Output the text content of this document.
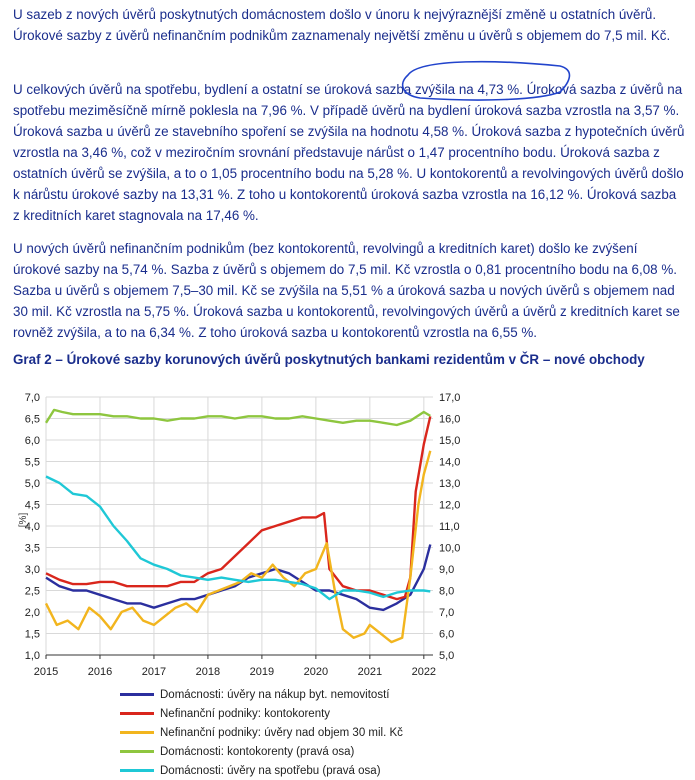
U sazeb z nových úvěrů poskytnutých domácnostem došlo v únoru k nejvýraznější změně u ostatních úvěrů. Úrokové sazby z úvěrů nefinančním podnikům zaznamenaly největší změnu u úvěrů s objemem do 7,5 mil. Kč.

U celkových úvěrů na spotřebu, bydlení a ostatní se úroková sazba zvýšila na 4,73 %. Úroková sazba z úvěrů na spotřebu meziměsíčně mírně poklesla na 7,96 %. V případě úvěrů na bydlení úroková sazba vzrostla na 3,57 %. Úroková sazba u úvěrů ze stavebního spoření se zvýšila na hodnotu 4,58 %. Úroková sazba z hypotečních úvěrů vzrostla na 3,46 %, což v meziročním srovnání představuje nárůst o 1,47 procentního bodu. Úroková sazba z ostatních úvěrů se zvýšila, a to o 1,05 procentního bodu na 5,28 %. U kontokorentů a revolvingových úvěrů došlo k nárůstu úrokové sazby na 13,31 %. Z toho u kontokorentů úroková sazba vzrostla na 16,12 %. Úroková sazba z kreditních karet stagnovala na 17,46 %.

U nových úvěrů nefinančním podnikům (bez kontokorentů, revolvingů a kreditních karet) došlo ke zvýšení úrokové sazby na 5,74 %. Sazba z úvěrů s objemem do 7,5 mil. Kč vzrostla o 0,81 procentního bodu na 6,08 %. Sazba u úvěrů s objemem 7,5–30 mil. Kč se zvýšila na 5,51 % a úroková sazba u nových úvěrů s objemem nad 30 mil. Kč vzrostla na 5,75 %. Úroková sazba u kontokorentů, revolvingových úvěrů a úvěrů z kreditních karet se rovněž zvýšila, a to na 6,34 %. Z toho úroková sazba u kontokorentů vzrostla na 6,55 %.

Graf 2 – Úrokové sazby korunových úvěrů poskytnutých bankami rezidentům v ČR – nové obchody

1,0
1,5
2,0
2,5
3,0
3,5
4,0
4,5
5,0
5,5
6,0
6,5
7,0
5,0
6,0
7,0
8,0
9,0
10,0
11,0
12,0
13,0
14,0
15,0
16,0
17,0
2015	2016	2017	2018	2019	2020	2021	2022
[%]
Domácnosti: úvěry na nákup byt. nemovitostí
Nefinanční podniky: kontokorenty
Nefinanční podniky: úvěry nad objem 30 mil. Kč
Domácnosti: kontokorenty (pravá osa)
Domácnosti: úvěry na spotřebu (pravá osa)
